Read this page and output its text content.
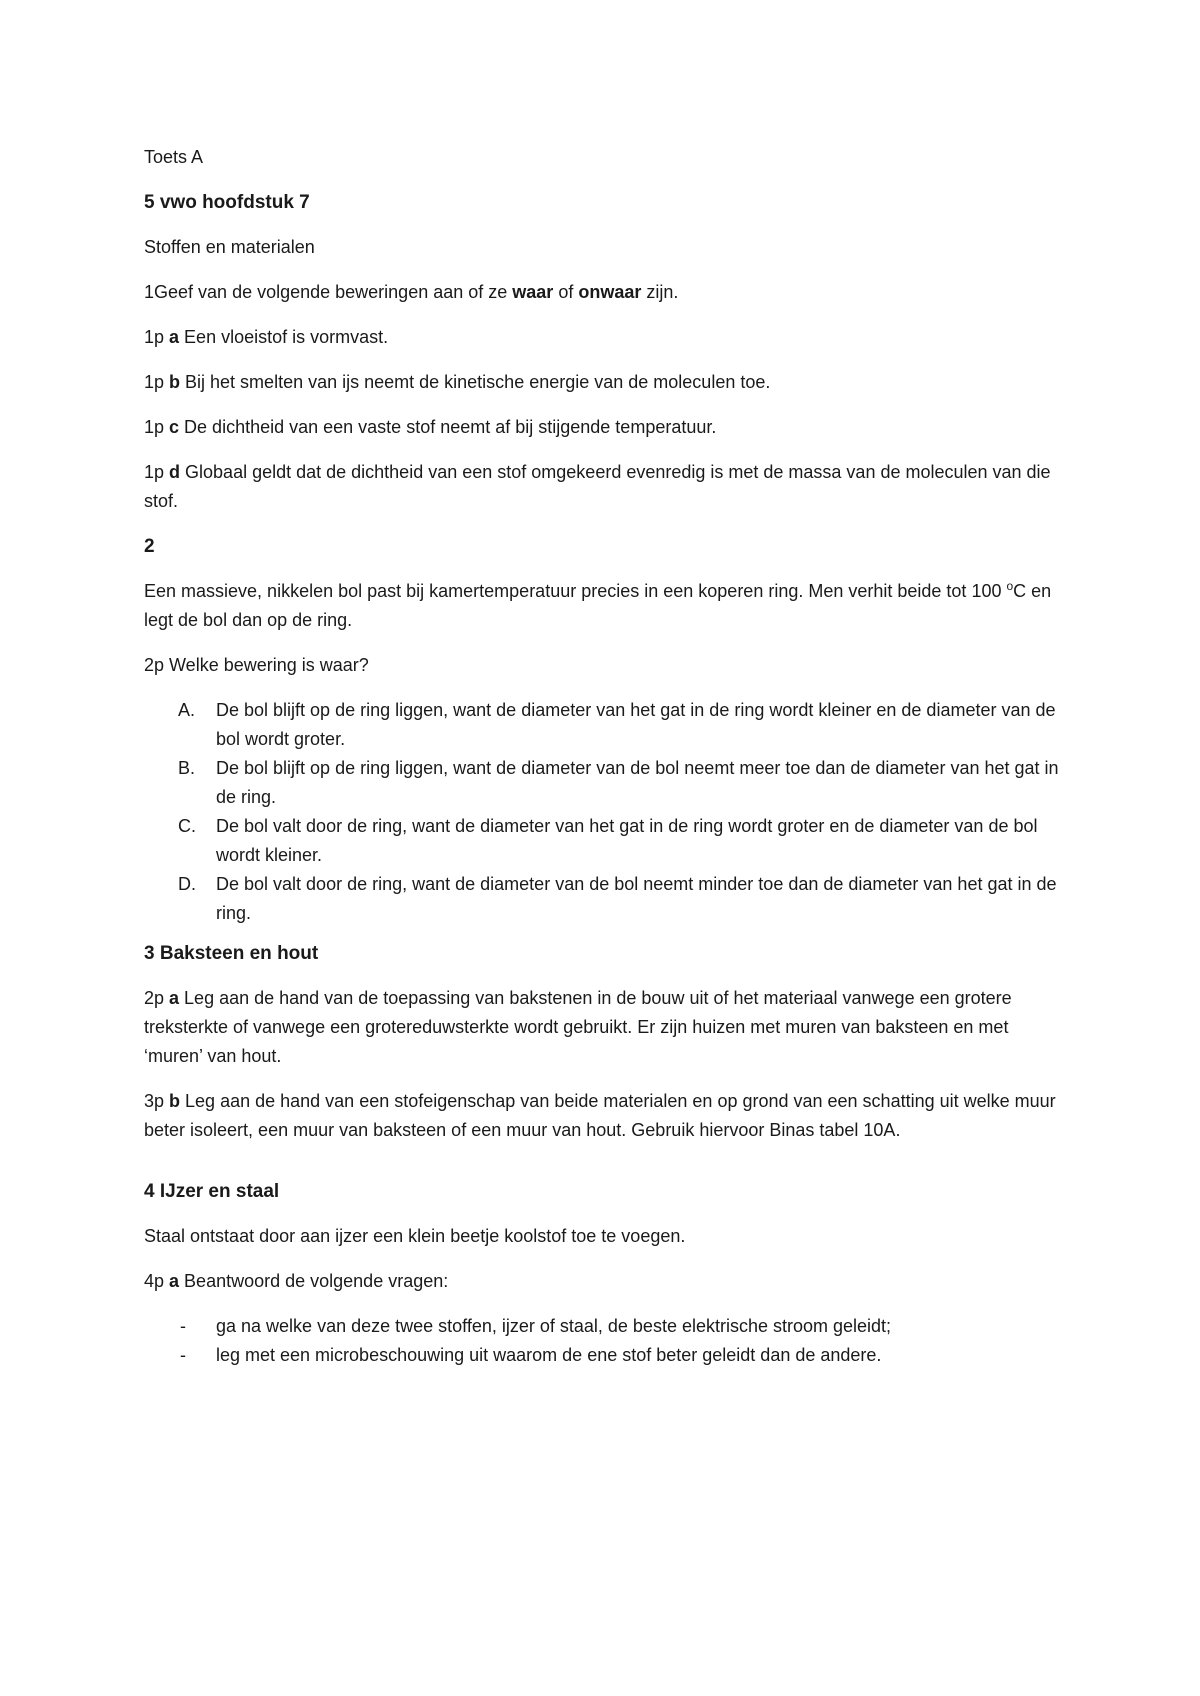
Toets A

5 vwo hoofdstuk 7

Stoffen en materialen

1Geef van de volgende beweringen aan of ze waar of onwaar zijn.

1p a Een vloeistof is vormvast.

1p b Bij het smelten van ijs neemt de kinetische energie van de moleculen toe.

1p c De dichtheid van een vaste stof neemt af bij stijgende temperatuur.

1p d Globaal geldt dat de dichtheid van een stof omgekeerd evenredig is met de massa van de moleculen van die stof.

2

Een massieve, nikkelen bol past bij kamertemperatuur precies in een koperen ring. Men verhit beide tot 100 $^o$C en legt de bol dan op de ring.

2p Welke bewering is waar?

A. De bol blijft op de ring liggen, want de diameter van het gat in de ring wordt kleiner en de diameter van de bol wordt groter.
B. De bol blijft op de ring liggen, want de diameter van de bol neemt meer toe dan de diameter van het gat in de ring.
C. De bol valt door de ring, want de diameter van het gat in de ring wordt groter en de diameter van de bol wordt kleiner.
D. De bol valt door de ring, want de diameter van de bol neemt minder toe dan de diameter van het gat in de ring.

3 Baksteen en hout

2p a Leg aan de hand van de toepassing van bakstenen in de bouw uit of het materiaal vanwege een grotere treksterkte of vanwege een grotereduwsterkte wordt gebruikt. Er zijn huizen met muren van baksteen en met ‘muren’ van hout.

3p b Leg aan de hand van een stofeigenschap van beide materialen en op grond van een schatting uit welke muur beter isoleert, een muur van baksteen of een muur van hout. Gebruik hiervoor Binas tabel 10A.

4 IJzer en staal

Staal ontstaat door aan ijzer een klein beetje koolstof toe te voegen.

4p a Beantwoord de volgende vragen:

- ga na welke van deze twee stoffen, ijzer of staal, de beste elektrische stroom geleidt;
- leg met een microbeschouwing uit waarom de ene stof beter geleidt dan de andere.
